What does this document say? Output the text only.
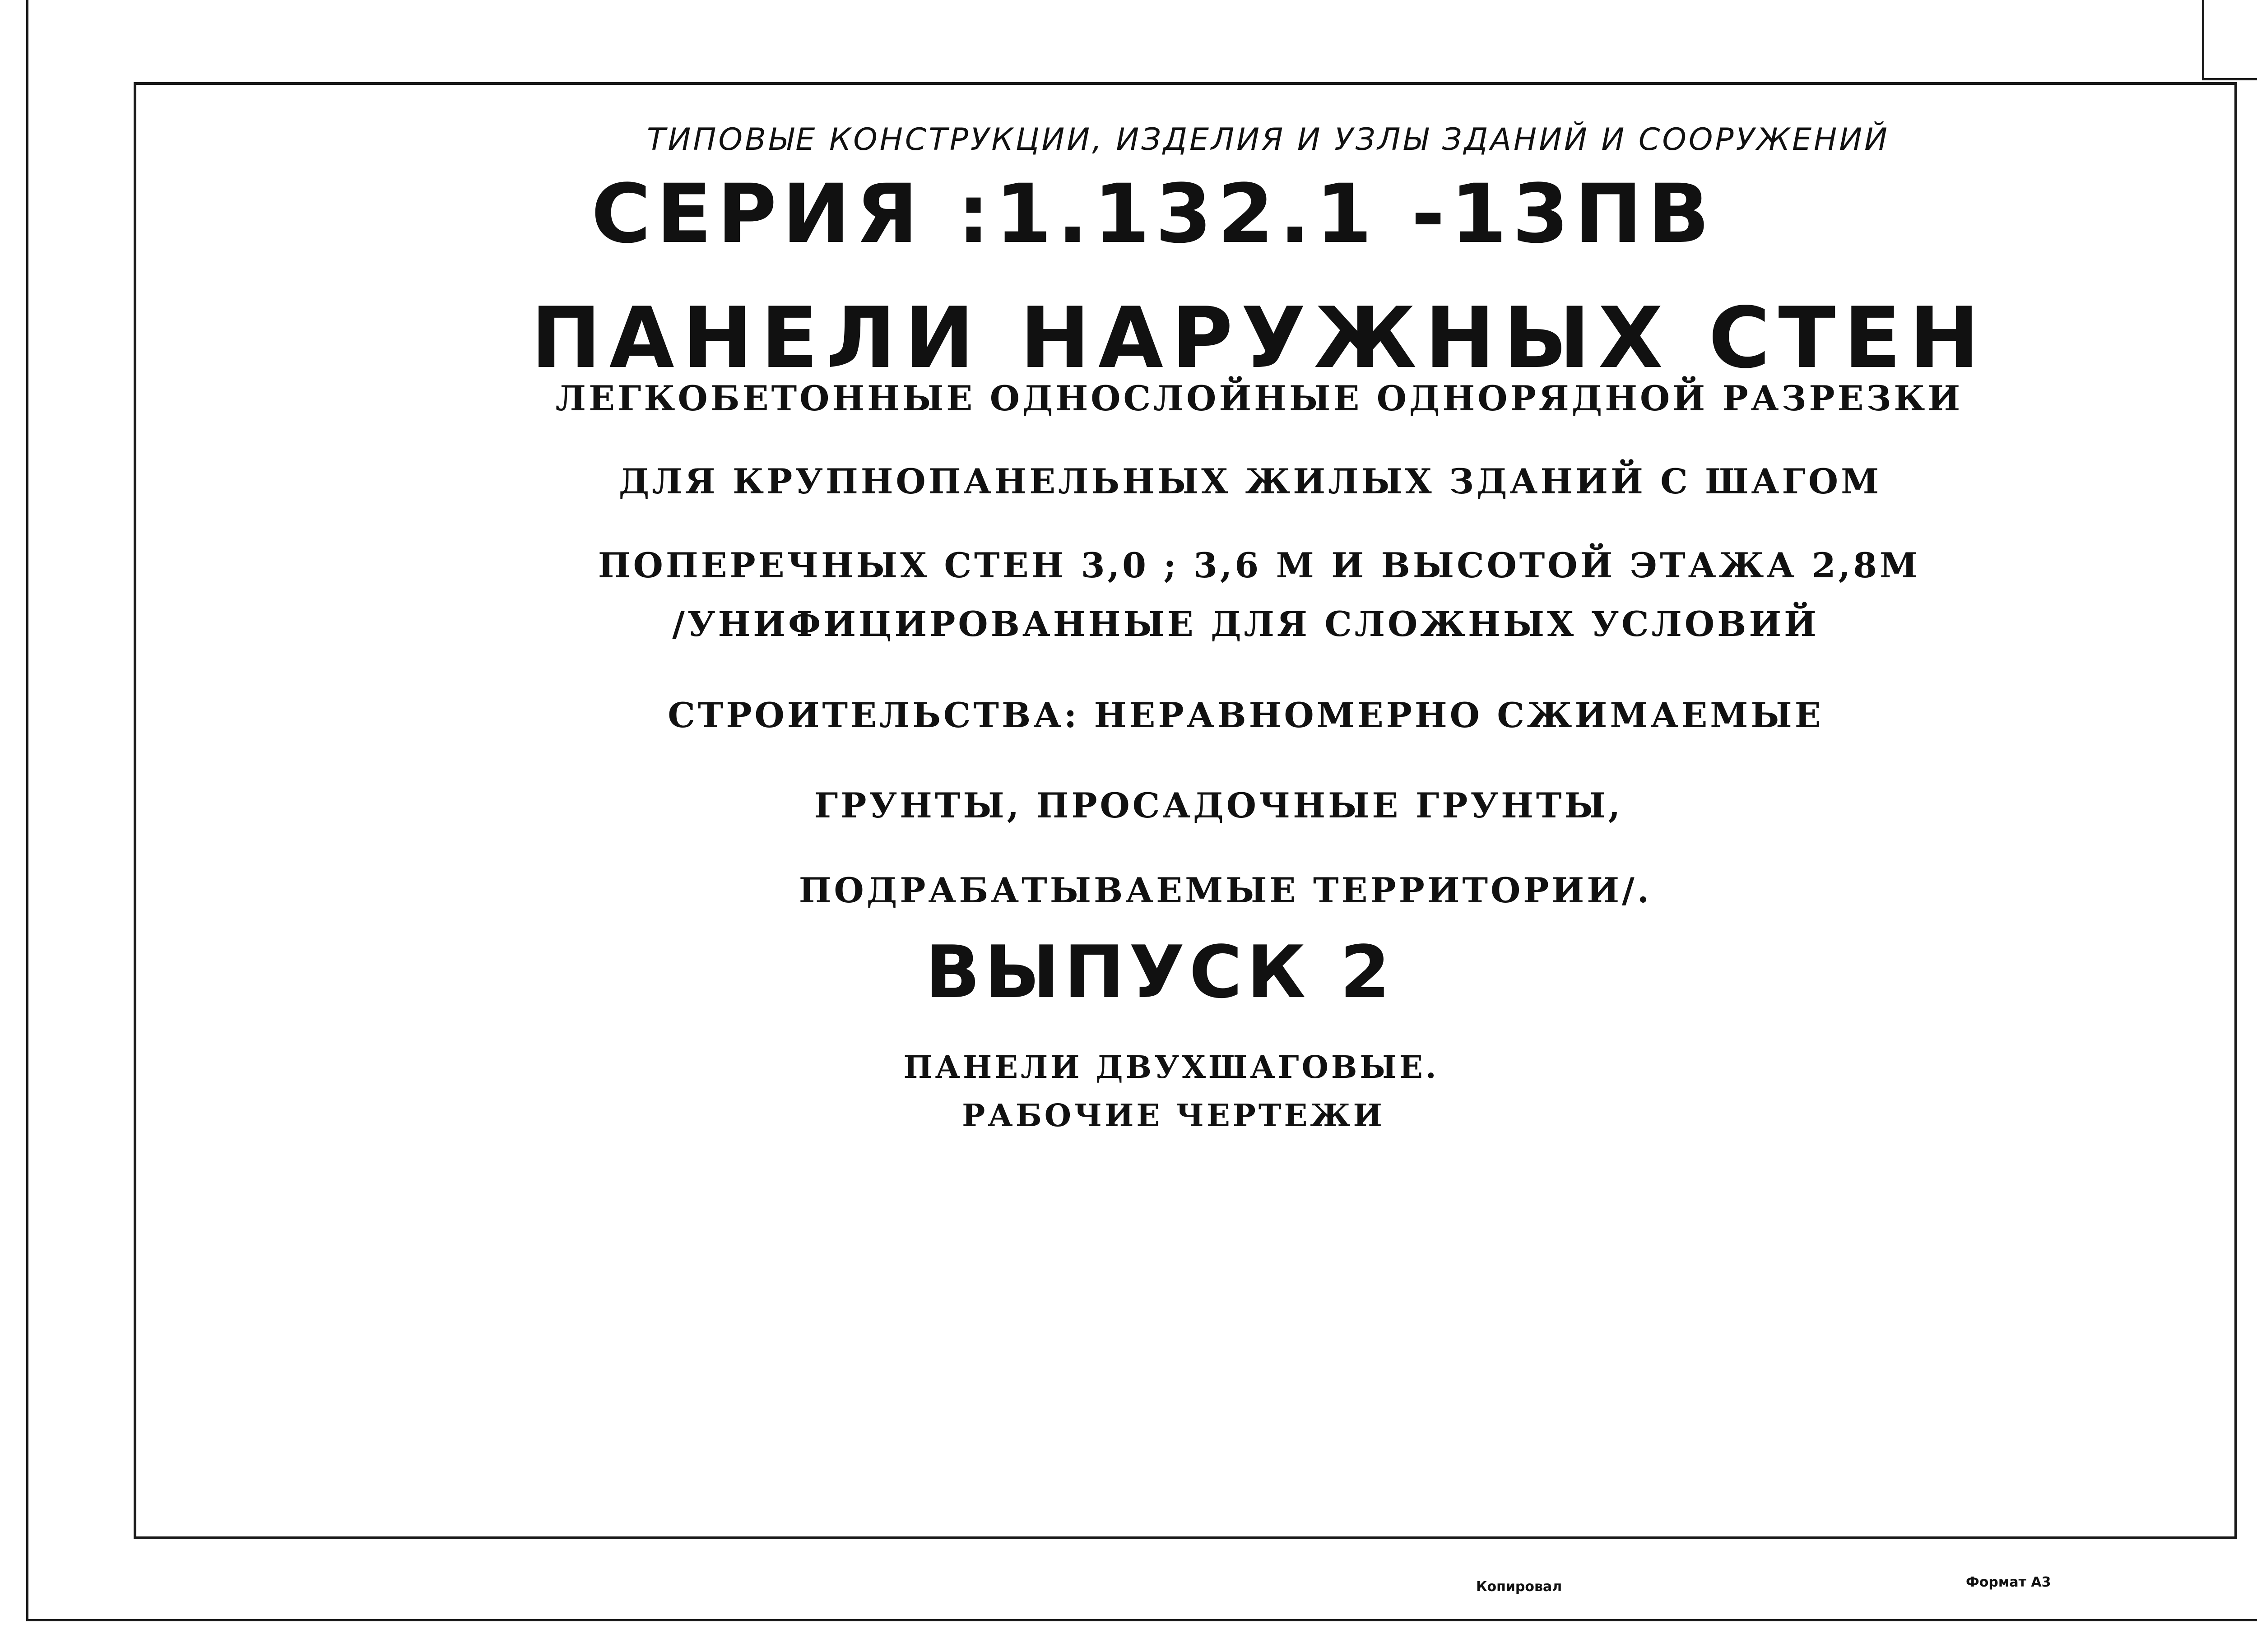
ТИПОВЫЕ КОНСТРУКЦИИ, ИЗДЕЛИЯ И УЗЛЫ ЗДАНИЙ И СООРУЖЕНИЙ
СЕРИЯ :1.132.1 -13ПВ
ПАНЕЛИ НАРУЖНЫХ СТЕН
ЛЕГКОБЕТОННЫЕ ОДНОСЛОЙНЫЕ ОДНОРЯДНОЙ РАЗРЕЗКИ
ДЛЯ КРУПНОПАНЕЛЬНЫХ ЖИЛЫХ ЗДАНИЙ С ШАГОМ
ПОПЕРЕЧНЫХ СТЕН 3,0 ; 3,6 М И ВЫСОТОЙ ЭТАЖА 2,8М
/УНИФИЦИРОВАННЫЕ ДЛЯ СЛОЖНЫХ УСЛОВИЙ
СТРОИТЕЛЬСТВА: НЕРАВНОМЕРНО СЖИМАЕМЫЕ
ГРУНТЫ, ПРОСАДОЧНЫЕ ГРУНТЫ,
ПОДРАБАТЫВАЕМЫЕ ТЕРРИТОРИИ/.
ВЫПУСК 2
ПАНЕЛИ ДВУХШАГОВЫЕ.
РАБОЧИЕ ЧЕРТЕЖИ
Копировал	Формат А3
